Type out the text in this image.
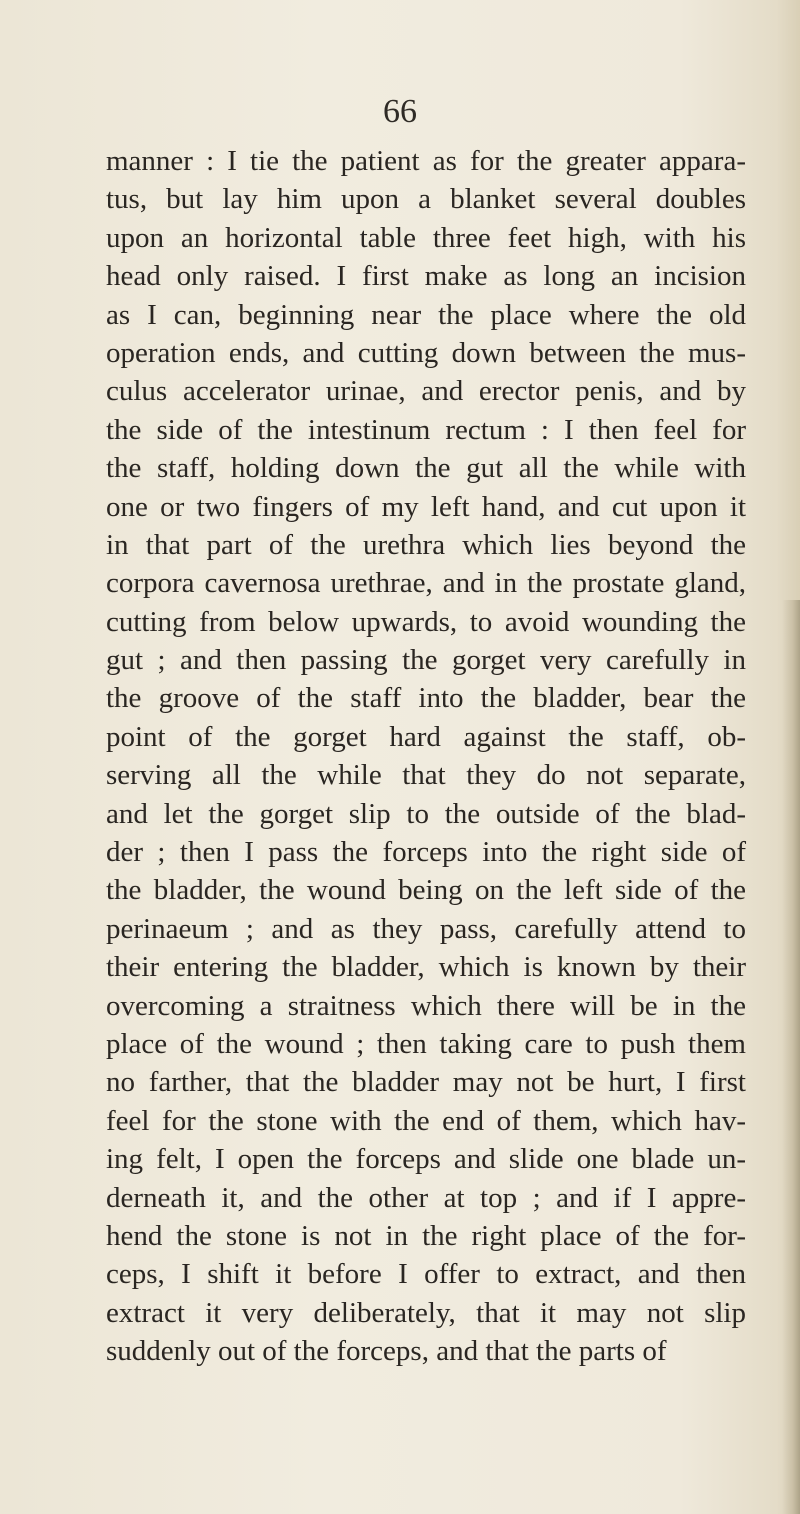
66
manner : I tie the patient as for the greater appara-
tus, but lay him upon a blanket several doubles
upon an horizontal table three feet high, with his
head only raised. I first make as long an incision
as I can, beginning near the place where the old
operation ends, and cutting down between the mus-
culus accelerator urinae, and erector penis, and by
the side of the intestinum rectum : I then feel for
the staff, holding down the gut all the while with
one or two fingers of my left hand, and cut upon it
in that part of the urethra which lies beyond the
corpora cavernosa urethrae, and in the prostate gland,
cutting from below upwards, to avoid wounding the
gut ; and then passing the gorget very carefully in
the groove of the staff into the bladder, bear the
point of the gorget hard against the staff, ob-
serving all the while that they do not separate,
and let the gorget slip to the outside of the blad-
der ; then I pass the forceps into the right side of
the bladder, the wound being on the left side of the
perinaeum ; and as they pass, carefully attend to
their entering the bladder, which is known by their
overcoming a straitness which there will be in the
place of the wound ; then taking care to push them
no farther, that the bladder may not be hurt, I first
feel for the stone with the end of them, which hav-
ing felt, I open the forceps and slide one blade un-
derneath it, and the other at top ; and if I appre-
hend the stone is not in the right place of the for-
ceps, I shift it before I offer to extract, and then
extract it very deliberately, that it may not slip
suddenly out of the forceps, and that the parts of
